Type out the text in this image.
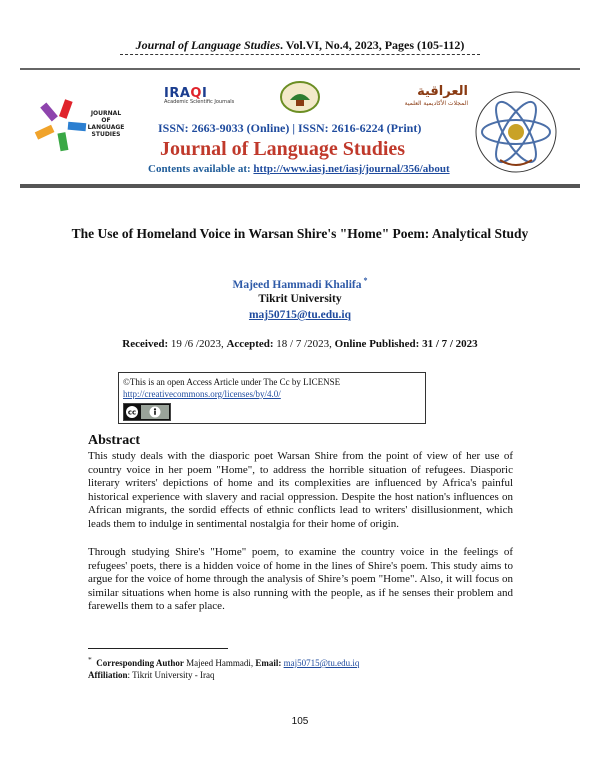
Journal of Language Studies. Vol.VI, No.4, 2023, Pages (105-112)
JOURNAL OF LANGUAGE STUDIES
IRAQI
Academic Scientific Journals
العراقية
المجلات الأكاديمية العلمية
ISSN: 2663-9033 (Online) | ISSN: 2616-6224 (Print)
Journal of Language Studies
Contents available at: http://www.iasj.net/iasj/journal/356/about
The Use of Homeland Voice in Warsan Shire's "Home" Poem: Analytical Study
Majeed Hammadi Khalifa *
Tikrit University
maj50715@tu.edu.iq
Received: 19 /6 /2023, Accepted: 18 / 7 /2023, Online Published: 31 / 7 / 2023
©This is an open Access Article under The Cc by LICENSE
http://creativecommons.org/licenses/by/4.0/
cc
Abstract
This study deals with the diasporic poet Warsan Shire from the point of view of her use of country voice in her poem "Home", to address the horrible situation of refugees. Diasporic literary writers' depictions of home and its complexities are influenced by Africa's painful historical experience with slavery and racial oppression. Despite the host nation's influences on African migrants, the sordid effects of ethnic conflicts lead to writers' disillusionment, which leads them to indulge in sentimental nostalgia for their home of origin.
Through studying Shire's "Home" poem, to examine the country voice in the feelings of refugees' poets, there is a hidden voice of home in the lines of Shire's poem. This study aims to argue for the voice of home through the analysis of Shire’s poem "Home". Also, it will focus on similar situations when home is also running with the people, as if he senses their problem and farewells them to a safer place.
* Corresponding Author Majeed Hammadi, Email: maj50715@tu.edu.iq
Affiliation: Tikrit University - Iraq
105
